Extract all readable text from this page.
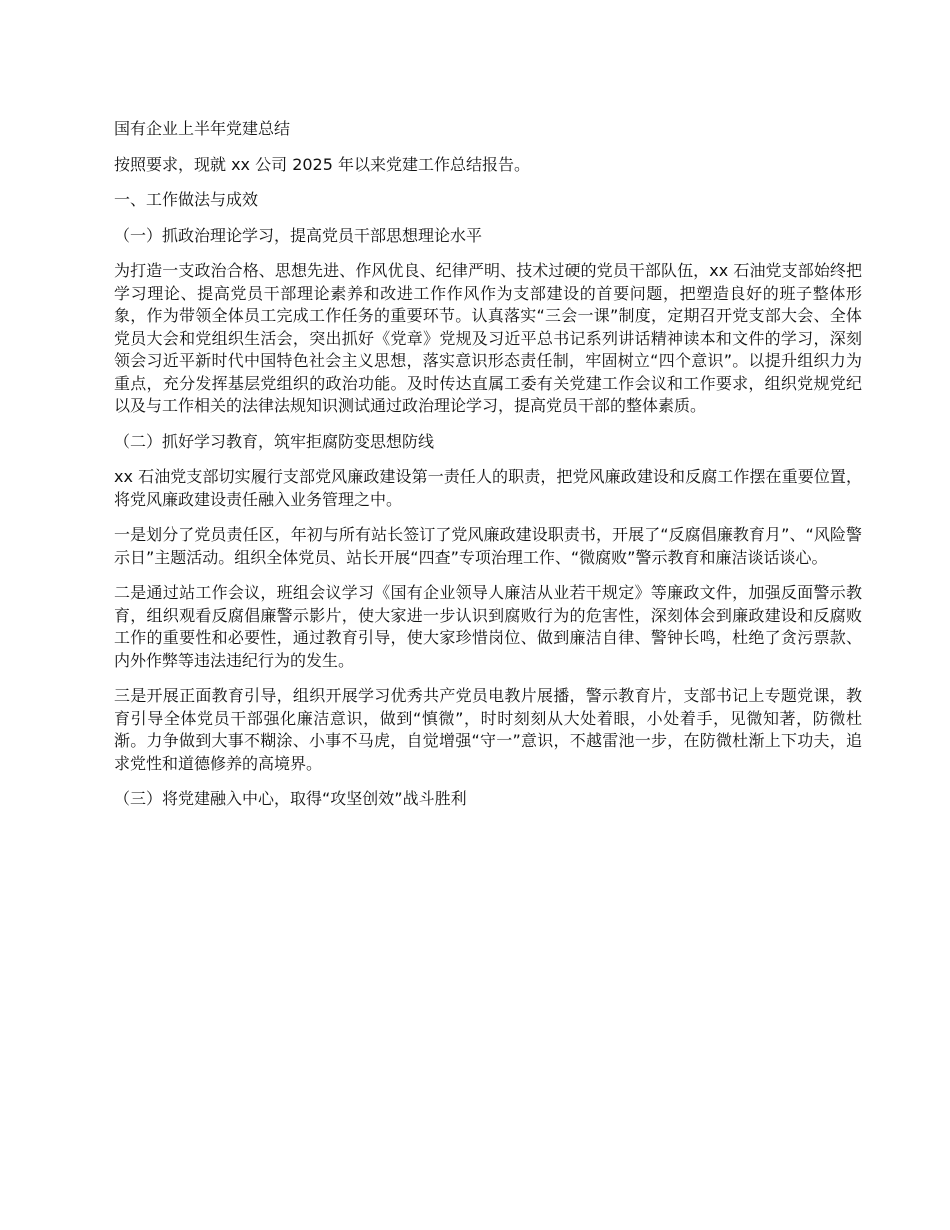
国有企业上半年党建总结

按照要求，现就 xx 公司 2025 年以来党建工作总结报告。

一、工作做法与成效

（一）抓政治理论学习，提高党员干部思想理论水平

为打造一支政治合格、思想先进、作风优良、纪律严明、技术过硬的党员干部队伍，xx 石油党支部始终把学习理论、提高党员干部理论素养和改进工作作风作为支部建设的首要问题，把塑造良好的班子整体形象，作为带领全体员工完成工作任务的重要环节。认真落实“三会一课”制度，定期召开党支部大会、全体党员大会和党组织生活会，突出抓好《党章》党规及习近平总书记系列讲话精神读本和文件的学习，深刻领会习近平新时代中国特色社会主义思想，落实意识形态责任制，牢固树立“四个意识”。以提升组织力为重点，充分发挥基层党组织的政治功能。及时传达直属工委有关党建工作会议和工作要求，组织党规党纪以及与工作相关的法律法规知识测试通过政治理论学习，提高党员干部的整体素质。

（二）抓好学习教育，筑牢拒腐防变思想防线

xx 石油党支部切实履行支部党风廉政建设第一责任人的职责，把党风廉政建设和反腐工作摆在重要位置，将党风廉政建设责任融入业务管理之中。

一是划分了党员责任区，年初与所有站长签订了党风廉政建设职责书，开展了“反腐倡廉教育月”、“风险警示日”主题活动。组织全体党员、站长开展“四查”专项治理工作、“微腐败”警示教育和廉洁谈话谈心。

二是通过站工作会议，班组会议学习《国有企业领导人廉洁从业若干规定》等廉政文件，加强反面警示教育，组织观看反腐倡廉警示影片，使大家进一步认识到腐败行为的危害性，深刻体会到廉政建设和反腐败工作的重要性和必要性，通过教育引导，使大家珍惜岗位、做到廉洁自律、警钟长鸣，杜绝了贪污票款、内外作弊等违法违纪行为的发生。

三是开展正面教育引导，组织开展学习优秀共产党员电教片展播，警示教育片，支部书记上专题党课，教育引导全体党员干部强化廉洁意识，做到“慎微”，时时刻刻从大处着眼，小处着手，见微知著，防微杜渐。力争做到大事不糊涂、小事不马虎，自觉增强“守一”意识，不越雷池一步，在防微杜渐上下功夫，追求党性和道德修养的高境界。

（三）将党建融入中心，取得“攻坚创效”战斗胜利
